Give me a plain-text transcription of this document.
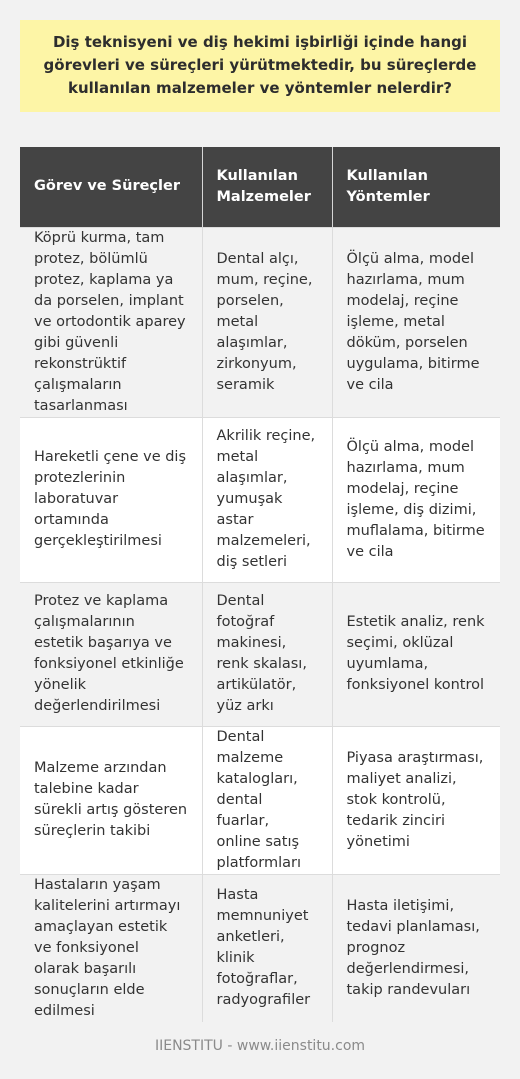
Diş teknisyeni ve diş hekimi işbirliği içinde hangi görevleri ve süreçleri yürütmektedir, bu süreçlerde kullanılan malzemeler ve yöntemler nelerdir?
Görev ve Süreçler	Kullanılan Malzemeler	Kullanılan Yöntemler
Köprü kurma, tam protez, bölümlü protez, kaplama ya da porselen, implant ve ortodontik aparey gibi güvenli rekonstrüktif çalışmaların tasarlanması	Dental alçı, mum, reçine, porselen, metal alaşımlar, zirkonyum, seramik	Ölçü alma, model hazırlama, mum modelaj, reçine işleme, metal döküm, porselen uygulama, bitirme ve cila
Hareketli çene ve diş protezlerinin laboratuvar ortamında gerçekleştirilmesi	Akrilik reçine, metal alaşımlar, yumuşak astar malzemeleri, diş setleri	Ölçü alma, model hazırlama, mum modelaj, reçine işleme, diş dizimi, muflalama, bitirme ve cila
Protez ve kaplama çalışmalarının estetik başarıya ve fonksiyonel etkinliğe yönelik değerlendirilmesi	Dental fotoğraf makinesi, renk skalası, artikülatör, yüz arkı	Estetik analiz, renk seçimi, oklüzal uyumlama, fonksiyonel kontrol
Malzeme arzından talebine kadar sürekli artış gösteren süreçlerin takibi	Dental malzeme katalogları, dental fuarlar, online satış platformları	Piyasa araştırması, maliyet analizi, stok kontrolü, tedarik zinciri yönetimi
Hastaların yaşam kalitelerini artırmayı amaçlayan estetik ve fonksiyonel olarak başarılı sonuçların elde edilmesi	Hasta memnuniyet anketleri, klinik fotoğraflar, radyografiler	Hasta iletişimi, tedavi planlaması, prognoz değerlendirmesi, takip randevuları
IIENSTITU - www.iienstitu.com
